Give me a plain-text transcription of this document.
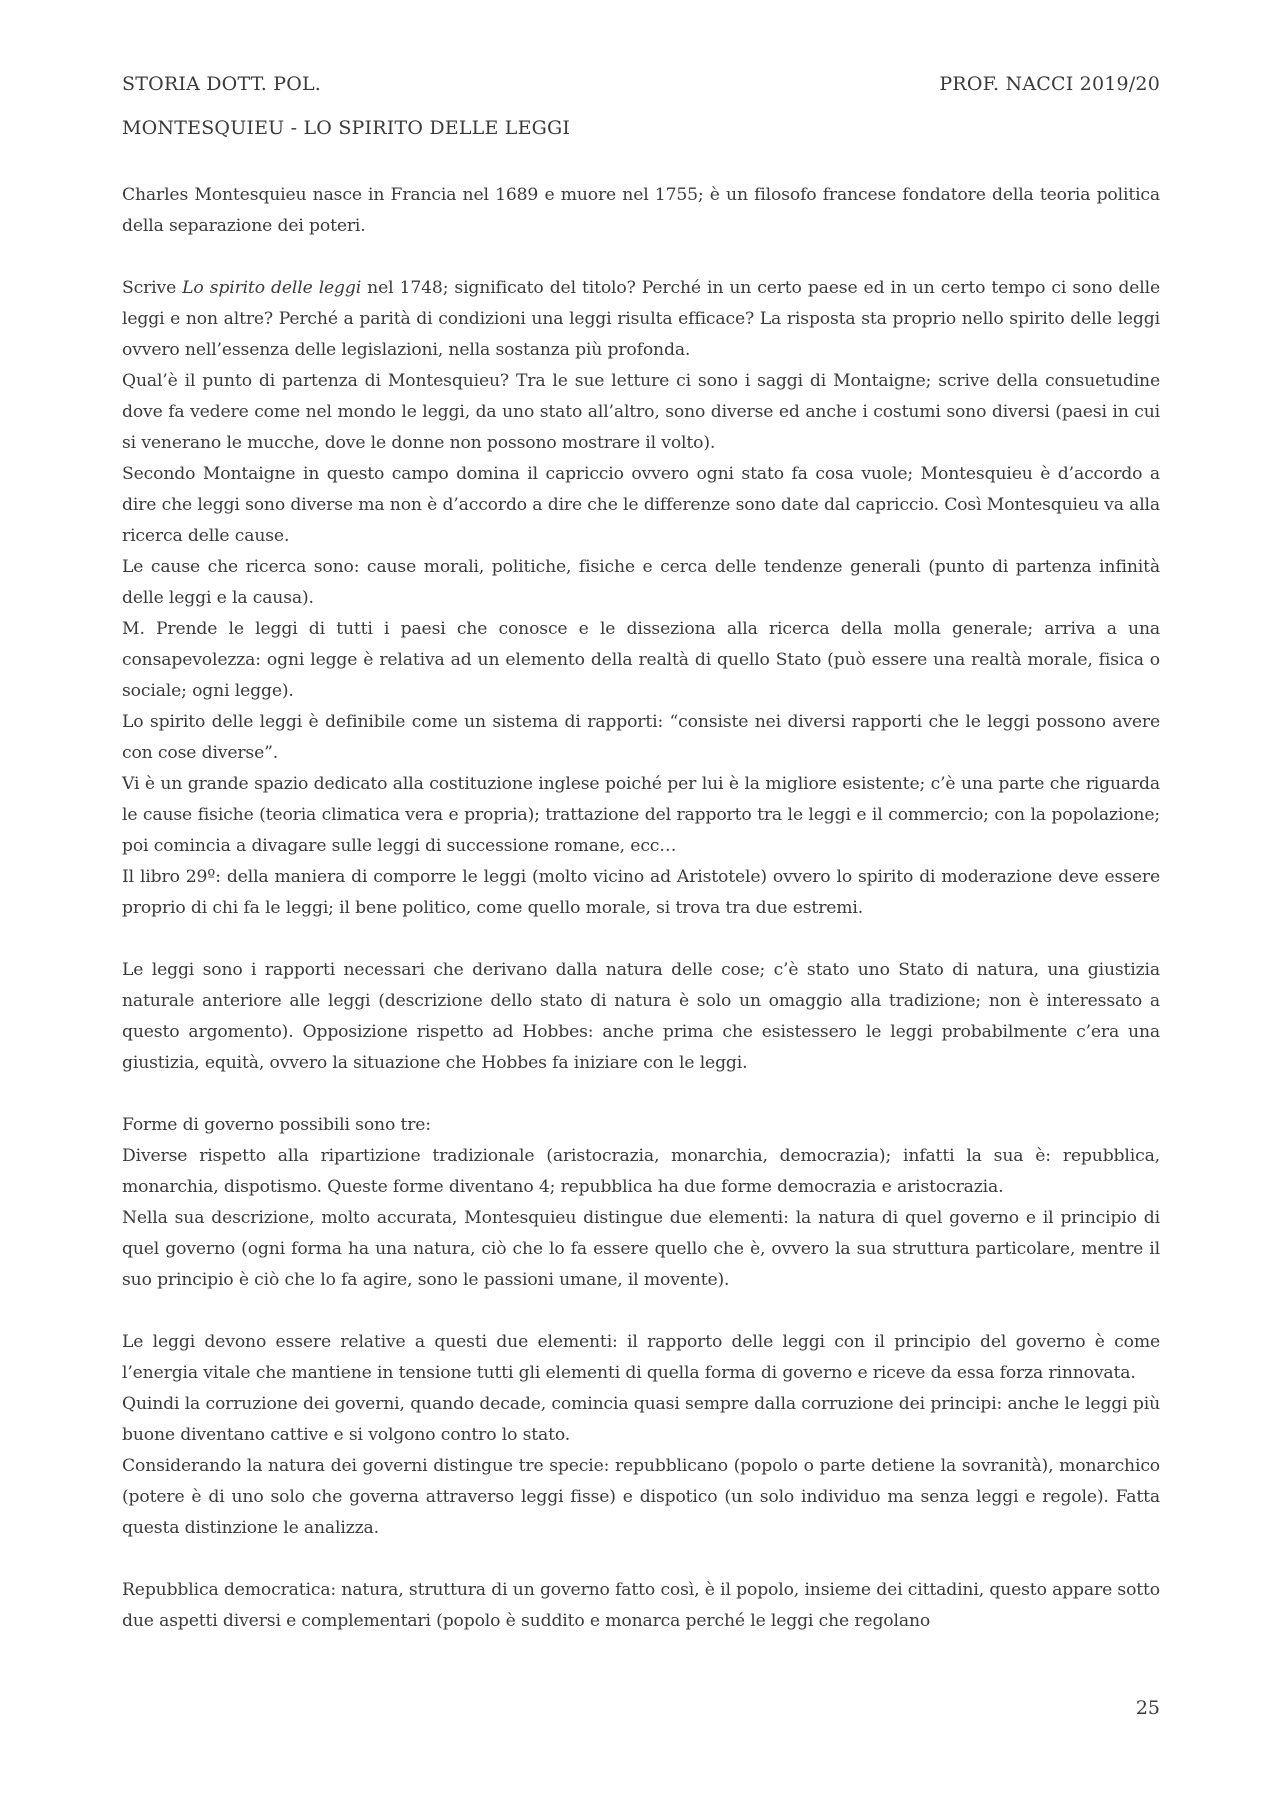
STORIA DOTT. POL.	PROF. NACCI 2019/20
MONTESQUIEU - LO SPIRITO DELLE LEGGI

Charles Montesquieu nasce in Francia nel 1689 e muore nel 1755; è un filosofo francese fondatore della teoria politica della separazione dei poteri.

Scrive Lo spirito delle leggi nel 1748; significato del titolo? Perché in un certo paese ed in un certo tempo ci sono delle leggi e non altre? Perché a parità di condizioni una leggi risulta efficace? La risposta sta proprio nello spirito delle leggi ovvero nell’essenza delle legislazioni, nella sostanza più profonda.

Qual’è il punto di partenza di Montesquieu? Tra le sue letture ci sono i saggi di Montaigne; scrive della consuetudine dove fa vedere come nel mondo le leggi, da uno stato all’altro, sono diverse ed anche i costumi sono diversi (paesi in cui si venerano le mucche, dove le donne non possono mostrare il volto).

Secondo Montaigne in questo campo domina il capriccio ovvero ogni stato fa cosa vuole; Montesquieu è d’accordo a dire che leggi sono diverse ma non è d’accordo a dire che le differenze sono date dal capriccio. Così Montesquieu va alla ricerca delle cause.

Le cause che ricerca sono: cause morali, politiche, fisiche e cerca delle tendenze generali (punto di partenza infinità delle leggi e la causa).

M. Prende le leggi di tutti i paesi che conosce e le disseziona alla ricerca della molla generale; arriva a una consapevolezza: ogni legge è relativa ad un elemento della realtà di quello Stato (può essere una realtà morale, fisica o sociale; ogni legge).

Lo spirito delle leggi è definibile come un sistema di rapporti: “consiste nei diversi rapporti che le leggi possono avere con cose diverse”.

Vi è un grande spazio dedicato alla costituzione inglese poiché per lui è la migliore esistente; c’è una parte che riguarda le cause fisiche (teoria climatica vera e propria); trattazione del rapporto tra le leggi e il commercio; con la popolazione; poi comincia a divagare sulle leggi di successione romane, ecc…

Il libro 29º: della maniera di comporre le leggi (molto vicino ad Aristotele) ovvero lo spirito di moderazione deve essere proprio di chi fa le leggi; il bene politico, come quello morale, si trova tra due estremi.

Le leggi sono i rapporti necessari che derivano dalla natura delle cose; c’è stato uno Stato di natura, una giustizia naturale anteriore alle leggi (descrizione dello stato di natura è solo un omaggio alla tradizione; non è interessato a questo argomento). Opposizione rispetto ad Hobbes: anche prima che esistessero le leggi probabilmente c’era una giustizia, equità, ovvero la situazione che Hobbes fa iniziare con le leggi.

Forme di governo possibili sono tre:

Diverse rispetto alla ripartizione tradizionale (aristocrazia, monarchia, democrazia); infatti la sua è: repubblica, monarchia, dispotismo. Queste forme diventano 4; repubblica ha due forme democrazia e aristocrazia.

Nella sua descrizione, molto accurata, Montesquieu distingue due elementi: la natura di quel governo e il principio di quel governo (ogni forma ha una natura, ciò che lo fa essere quello che è, ovvero la sua struttura particolare, mentre il suo principio è ciò che lo fa agire, sono le passioni umane, il movente).

Le leggi devono essere relative a questi due elementi: il rapporto delle leggi con il principio del governo è come l’energia vitale che mantiene in tensione tutti gli elementi di quella forma di governo e riceve da essa forza rinnovata.

Quindi la corruzione dei governi, quando decade, comincia quasi sempre dalla corruzione dei principi: anche le leggi più buone diventano cattive e si volgono contro lo stato.

Considerando la natura dei governi distingue tre specie: repubblicano (popolo o parte detiene la sovranità), monarchico (potere è di uno solo che governa attraverso leggi fisse) e dispotico (un solo individuo ma senza leggi e regole). Fatta questa distinzione le analizza.

Repubblica democratica: natura, struttura di un governo fatto così, è il popolo, insieme dei cittadini, questo appare sotto due aspetti diversi e complementari (popolo è suddito e monarca perché le leggi che regolano

25
